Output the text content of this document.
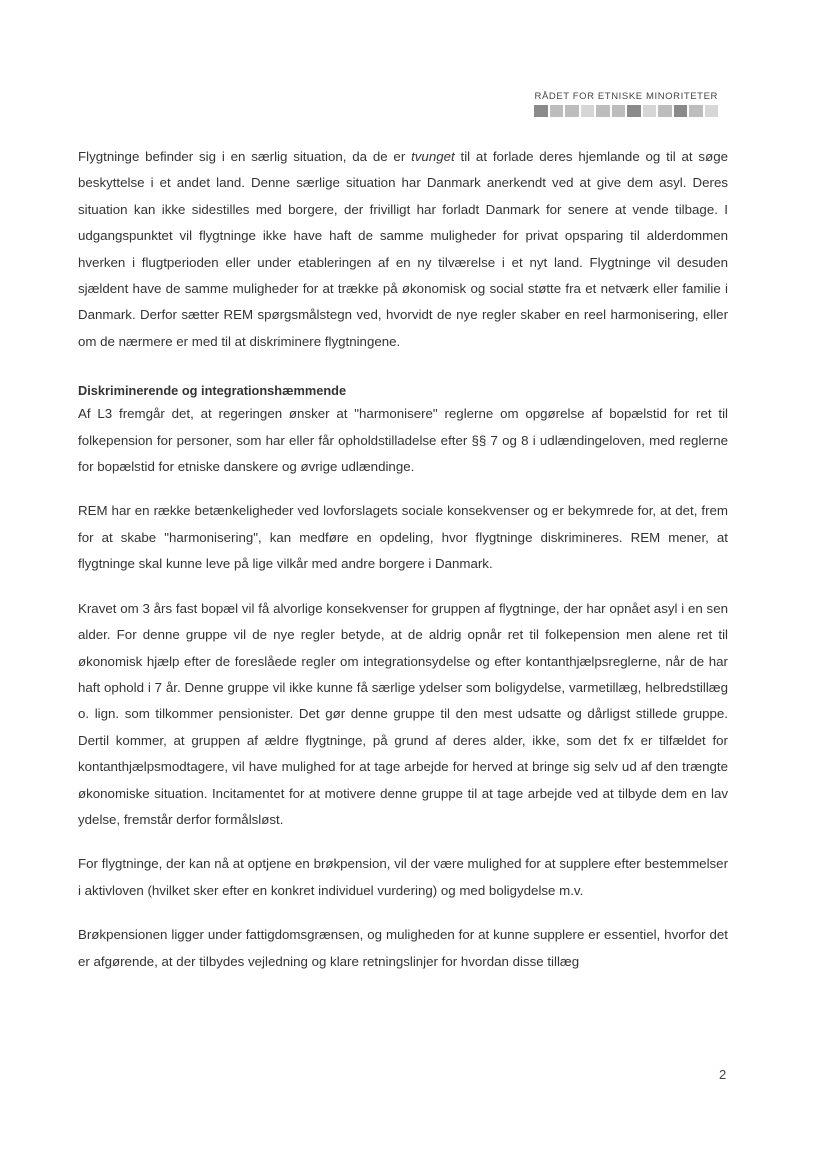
RÅDET FOR ETNISKE MINORITETER

Flygtninge befinder sig i en særlig situation, da de er tvunget til at forlade deres hjemlande og til at søge beskyttelse i et andet land. Denne særlige situation har Danmark anerkendt ved at give dem asyl. Deres situation kan ikke sidestilles med borgere, der frivilligt har forladt Danmark for senere at vende tilbage. I udgangspunktet vil flygtninge ikke have haft de samme muligheder for privat opsparing til alderdommen hverken i flugtperioden eller under etableringen af en ny tilværelse i et nyt land. Flygtninge vil desuden sjældent have de samme muligheder for at trække på økonomisk og social støtte fra et netværk eller familie i Danmark. Derfor sætter REM spørgsmålstegn ved, hvorvidt de nye regler skaber en reel harmonisering, eller om de nærmere er med til at diskriminere flygtningene.

Diskriminerende og integrationshæmmende

Af L3 fremgår det, at regeringen ønsker at "harmonisere" reglerne om opgørelse af bopælstid for ret til folkepension for personer, som har eller får opholdstilladelse efter §§ 7 og 8 i udlændingeloven, med reglerne for bopælstid for etniske danskere og øvrige udlændinge.

REM har en række betænkeligheder ved lovforslagets sociale konsekvenser og er bekymrede for, at det, frem for at skabe "harmonisering", kan medføre en opdeling, hvor flygtninge diskrimineres. REM mener, at flygtninge skal kunne leve på lige vilkår med andre borgere i Danmark.

Kravet om 3 års fast bopæl vil få alvorlige konsekvenser for gruppen af flygtninge, der har opnået asyl i en sen alder. For denne gruppe vil de nye regler betyde, at de aldrig opnår ret til folkepension men alene ret til økonomisk hjælp efter de foreslåede regler om integrationsydelse og efter kontanthjælpsreglerne, når de har haft ophold i 7 år. Denne gruppe vil ikke kunne få særlige ydelser som boligydelse, varmetillæg, helbredstillæg o. lign. som tilkommer pensionister. Det gør denne gruppe til den mest udsatte og dårligst stillede gruppe. Dertil kommer, at gruppen af ældre flygtninge, på grund af deres alder, ikke, som det fx er tilfældet for kontanthjælpsmodtagere, vil have mulighed for at tage arbejde for herved at bringe sig selv ud af den trængte økonomiske situation. Incitamentet for at motivere denne gruppe til at tage arbejde ved at tilbyde dem en lav ydelse, fremstår derfor formålsløst.

For flygtninge, der kan nå at optjene en brøkpension, vil der være mulighed for at supplere efter bestemmelser i aktivloven (hvilket sker efter en konkret individuel vurdering) og med boligydelse m.v.

Brøkpensionen ligger under fattigdomsgrænsen, og muligheden for at kunne supplere er essentiel, hvorfor det er afgørende, at der tilbydes vejledning og klare retningslinjer for hvordan disse tillæg

2
